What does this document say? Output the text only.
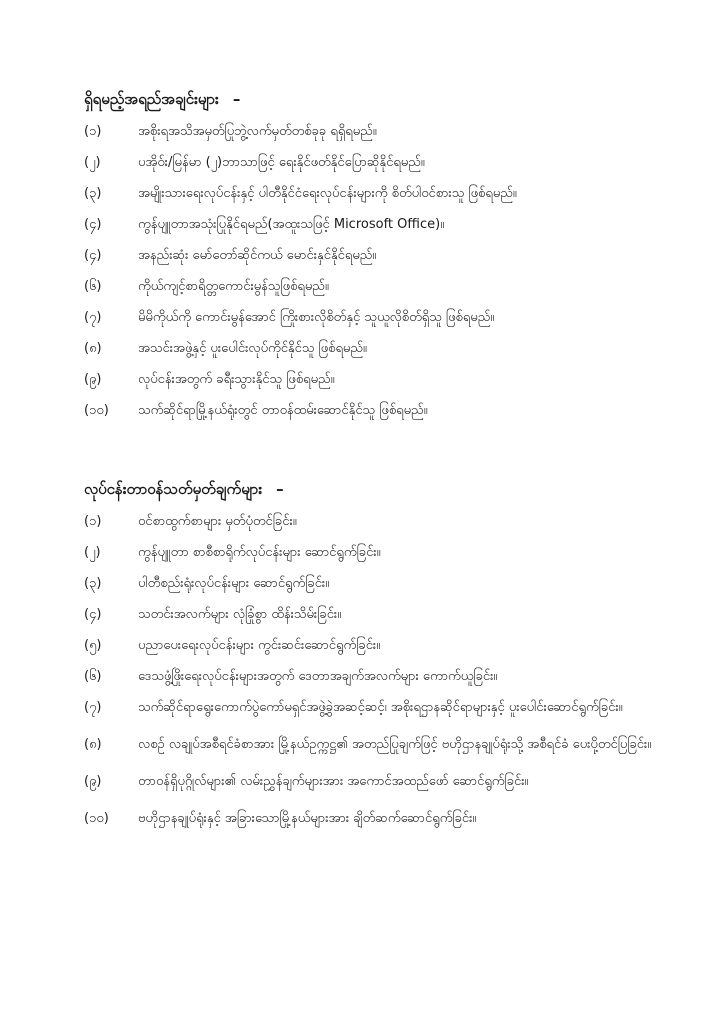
ရှိရမည့်အရည်အချင်းများ –
(၁)	အစိုးရအသိအမှတ်ပြုဘွဲ့လက်မှတ်တစ်ခုခု ရရှိရမည်။
(၂)	ပအိုဝ်း/မြန်မာ (၂)ဘာသာဖြင့် ရေးနိုင်ဖတ်နိုင်ပြောဆိုနိုင်ရမည်။
(၃)	အမျိုးသားရေးလုပ်ငန်းနှင့် ပါတီနိုင်ငံရေးလုပ်ငန်းများကို စိတ်ပါဝင်စားသူ ဖြစ်ရမည်။
(၄)	ကွန်ပျူတာအသုံးပြုနိုင်ရမည်(အထူးသဖြင့် Microsoft Office)။
(၄)	အနည်းဆုံး မော်တော်ဆိုင်ကယ် မောင်းနှင်နိုင်ရမည်။
(၆)	ကိုယ်ကျင့်စာရိတ္တကောင်းမွန်သူဖြစ်ရမည်။
(၇)	မိမိကိုယ်ကို ကောင်းမွန်အောင် ကြိုးစားလိုစိတ်နှင့် သူယူလိုစိတ်ရှိသူ ဖြစ်ရမည်။
(၈)	အသင်းအဖွဲ့နှင့် ပူးပေါင်းလုပ်ကိုင်နိုင်သူ ဖြစ်ရမည်။
(၉)	လုပ်ငန်းအတွက် ခရီးသွားနိုင်သူ ဖြစ်ရမည်။
(၁၀)	သက်ဆိုင်ရာမြို့နယ်ရုံးတွင် တာဝန်ထမ်းဆောင်နိုင်သူ ဖြစ်ရမည်။
လုပ်ငန်းတာဝန်သတ်မှတ်ချက်များ –
(၁)	ဝင်စာထွက်စာများ မှတ်ပုံတင်ခြင်း။
(၂)	ကွန်ပျူတာ စာစီစာရိုက်လုပ်ငန်းများ ဆောင်ရွက်ခြင်း။
(၃)	ပါတီစည်းရုံးလုပ်ငန်းများ ဆောင်ရွက်ခြင်း။
(၄)	သတင်းအလက်များ လုံခြုံစွာ ထိန်းသိမ်းခြင်း။
(၅)	ပညာပေးရေးလုပ်ငန်းများ ကွင်းဆင်းဆောင်ရွက်ခြင်း။
(၆)	ဒေသဖွံ့ဖြိုးရေးလုပ်ငန်းများအတွက် ဒေတာအချက်အလက်များ ကောက်ယူခြင်း။
(၇)	သက်ဆိုင်ရာရွေးကောက်ပွဲကော်မရှင်အဖွဲ့ခွဲအဆင့်ဆင့်၊ အစိုးရဌာနဆိုင်ရာများနှင့် ပူးပေါင်းဆောင်ရွက်ခြင်း။
(၈)	လစဉ် လချုပ်အစီရင်ခံစာအား မြို့နယ်ဥက္ကဋ္ဌ၏ အတည်ပြုချက်ဖြင့် ဗဟိုဌာနချုပ်ရုံးသို့ အစီရင်ခံ ပေးပို့တင်ပြခြင်း။
(၉)	တာဝန်ရှိပုဂ္ဂိုလ်များ၏ လမ်းညွှန်ချက်များအား အကောင်အထည်ဖော် ဆောင်ရွက်ခြင်း။
(၁၀)	ဗဟိုဌာနချုပ်ရုံးနှင့် အခြားသောမြို့နယ်များအား ချိတ်ဆက်ဆောင်ရွက်ခြင်း။
